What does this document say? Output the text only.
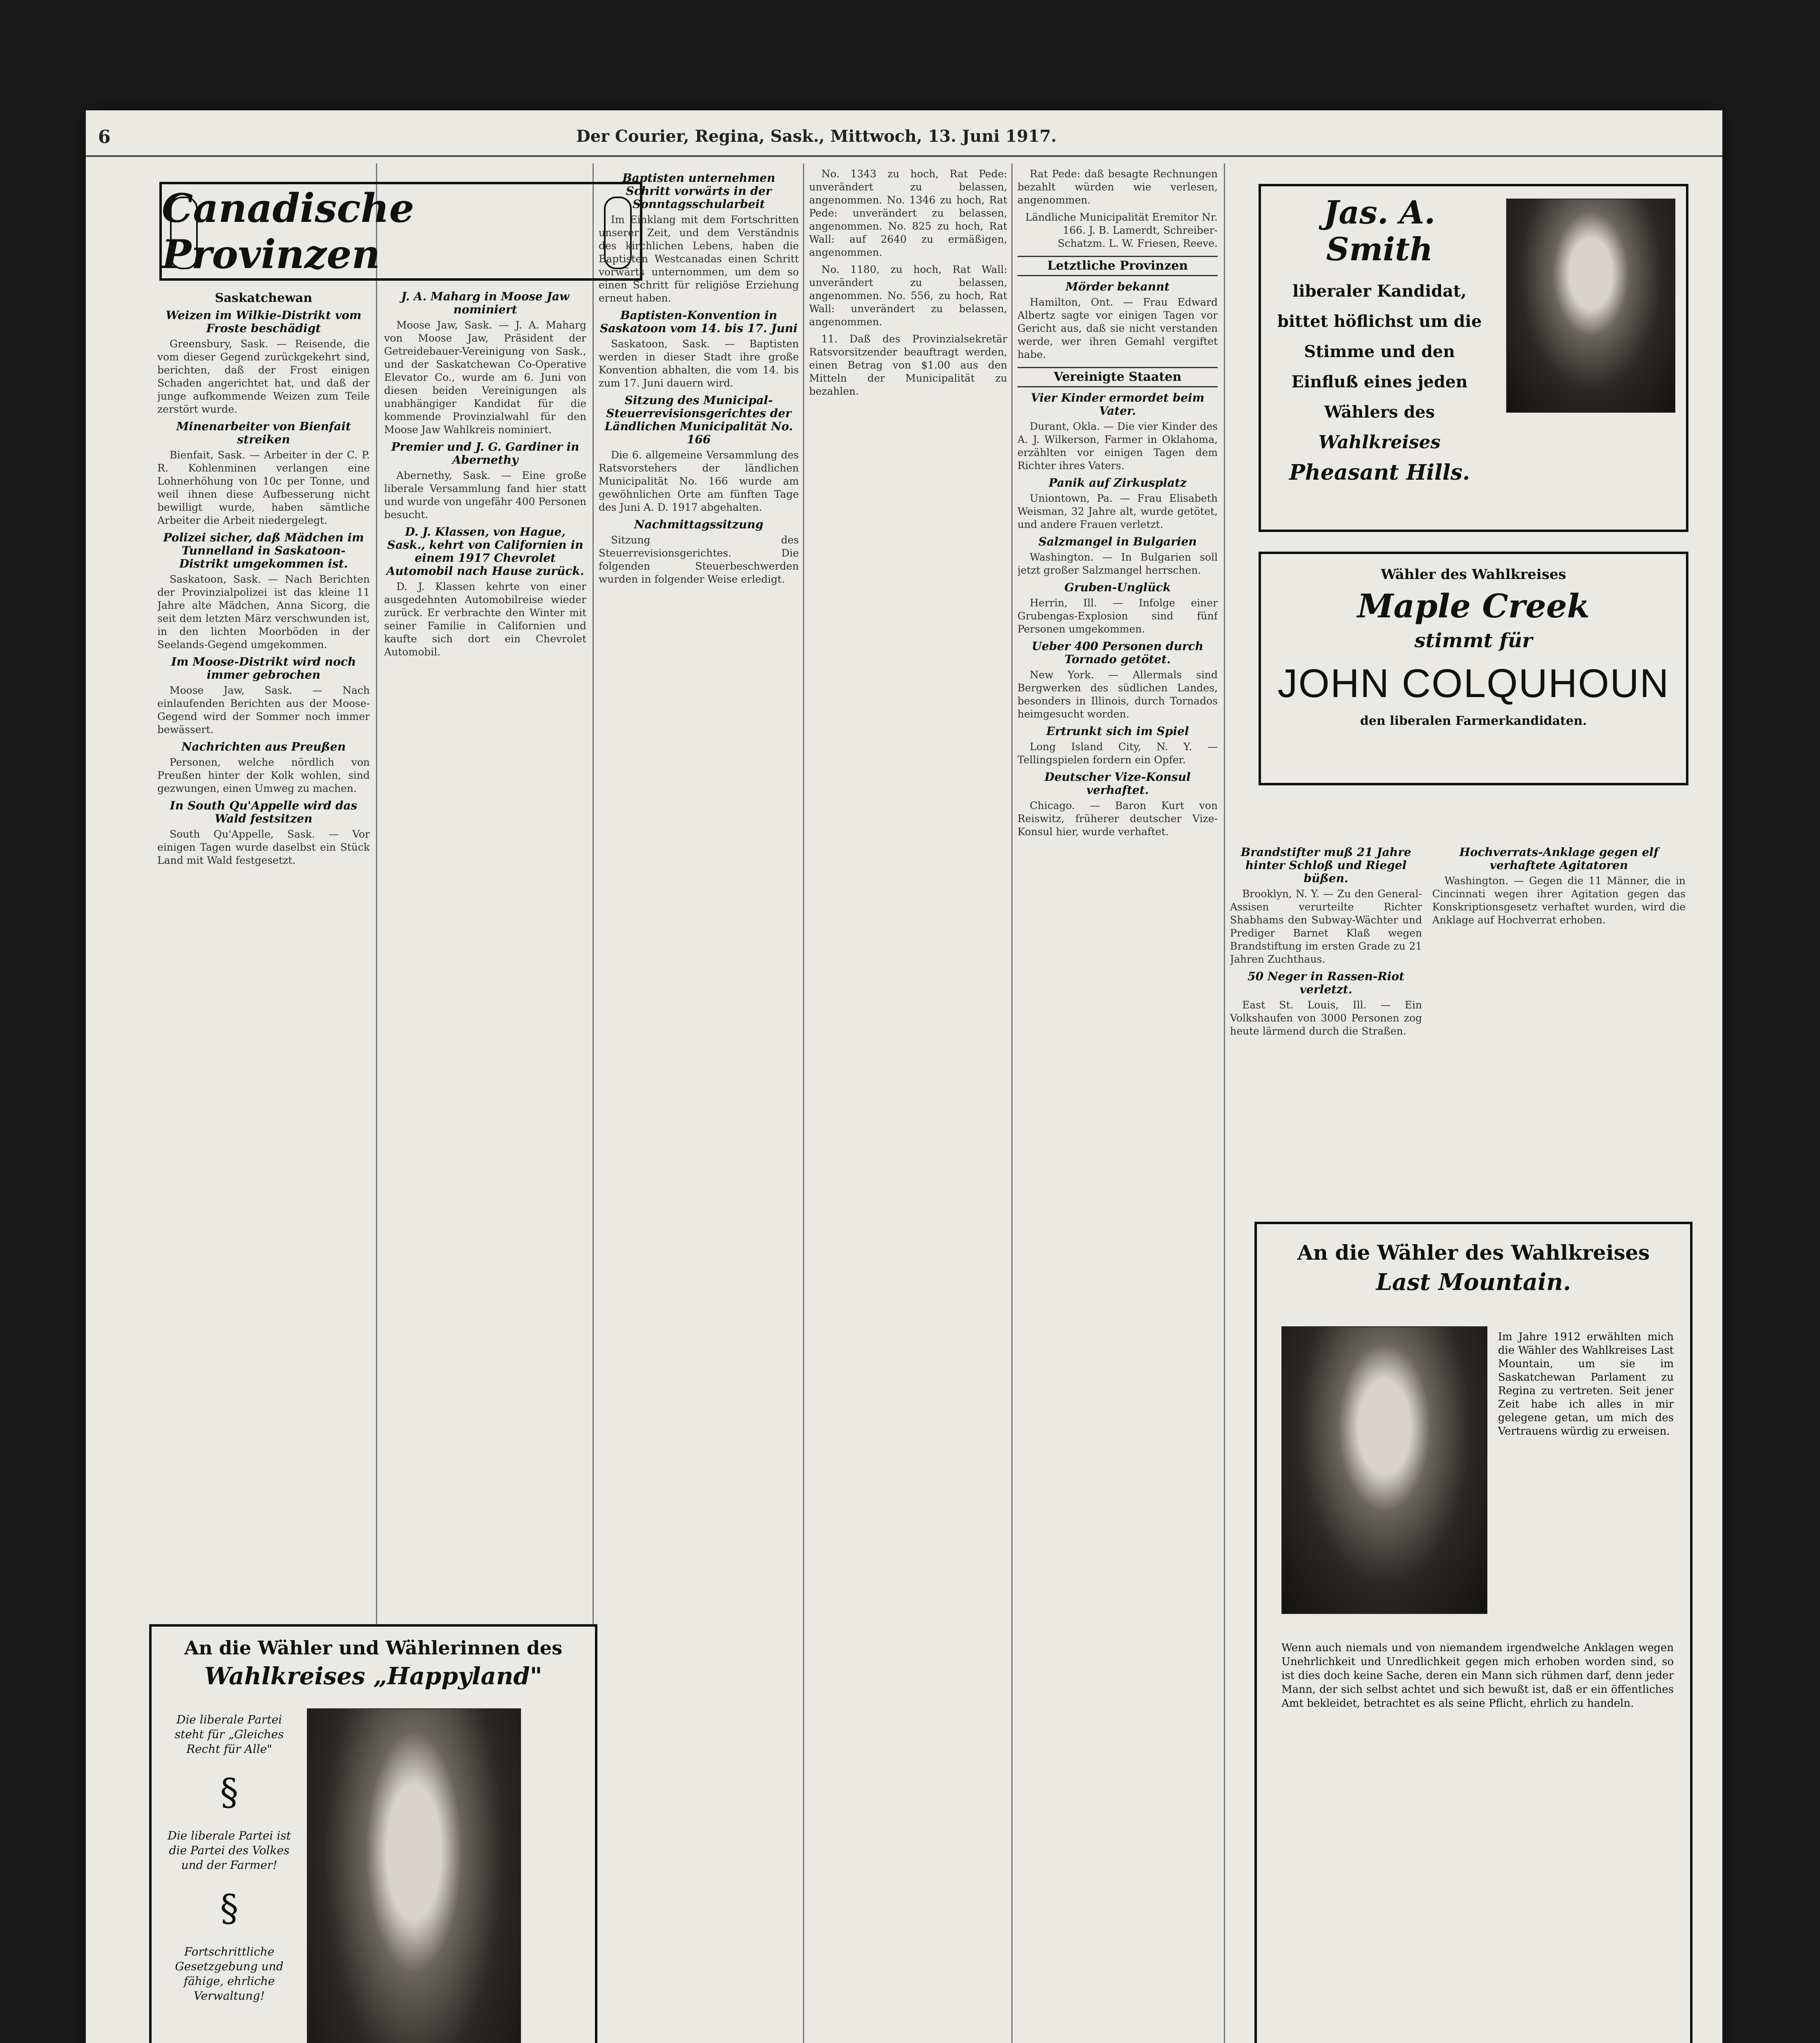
6	Der Courier, Regina, Sask., Mittwoch, 13. Juni 1917.
Canadische Provinzen
Saskatchewan
Weizen im Wilkie-Distrikt vom Froste beschädigt

Greensbury, Sask. — Reisende, die vom dieser Gegend zurückgekehrt sind, berichten, daß der Frost einigen Schaden angerichtet hat, und daß der junge aufkommende Weizen zum Teile zerstört wurde.

Minenarbeiter von Bienfait streiken

Bienfait, Sask. — Arbeiter in der C. P. R. Kohlenminen verlangen eine Lohnerhöhung von 10c per Tonne, und weil ihnen diese Aufbesserung nicht bewilligt wurde, haben sämtliche Arbeiter die Arbeit niedergelegt.

Polizei sicher, daß Mädchen im Tunnelland in Saskatoon-Distrikt umgekommen ist.

Saskatoon, Sask. — Nach Berichten der Provinzialpolizei ist das kleine 11 Jahre alte Mädchen, Anna Sicorg, die seit dem letzten März verschwunden ist, in den lichten Moorböden in der Seelands-Gegend umgekommen.

Im Moose-Distrikt wird noch immer gebrochen

Moose Jaw, Sask. — Nach einlaufenden Berichten aus der Moose-Gegend wird der Sommer noch immer bewässert.

Nachrichten aus Preußen

Personen, welche nördlich von Preußen hinter der Kolk wohlen, sind gezwungen, einen Umweg zu machen.

In South Qu'Appelle wird das Wald festsitzen

South Qu'Appelle, Sask. — Vor einigen Tagen wurde daselbst ein Stück Land mit Wald festgesetzt.

J. A. Maharg in Moose Jaw nominiert

Moose Jaw, Sask. — J. A. Maharg von Moose Jaw, Präsident der Getreidebauer-Vereinigung von Sask., und der Saskatchewan Co-Operative Elevator Co., wurde am 6. Juni von diesen beiden Vereinigungen als unabhängiger Kandidat für die kommende Provinzialwahl für den Moose Jaw Wahlkreis nominiert.

Premier und J. G. Gardiner in Abernethy

Abernethy, Sask. — Eine große liberale Versammlung fand hier statt und wurde von ungefähr 400 Personen besucht.

D. J. Klassen, von Hague, Sask., kehrt von Californien in einem 1917 Chevrolet Automobil nach Hause zurück.

D. J. Klassen kehrte von einer ausgedehnten Automobilreise wieder zurück. Er verbrachte den Winter mit seiner Familie in Californien und kaufte sich dort ein Chevrolet Automobil.

An die Wähler und Wählerinnen des
Wahlkreises „Happyland"
Die liberale Partei steht für „Gleiches Recht für Alle"
§
Die liberale Partei ist die Partei des Volkes und der Farmer!
§
Fortschrittliche Gesetzgebung und fähige, ehrliche Verwaltung!
Baptisten unternehmen Schritt vorwärts in der Sonntagsschularbeit

Im Einklang mit dem Fortschritten unserer Zeit, und dem Verständnis des kirchlichen Lebens, haben die Baptisten Westcanadas einen Schritt vorwärts unternommen, um dem so einen Schritt für religiöse Erziehung erneut haben.

Baptisten-Konvention in Saskatoon vom 14. bis 17. Juni

Saskatoon, Sask. — Baptisten werden in dieser Stadt ihre große Konvention abhalten, die vom 14. bis zum 17. Juni dauern wird.

Sitzung des Municipal-Steuerrevisionsgerichtes der Ländlichen Municipalität No. 166

Die 6. allgemeine Versammlung des Ratsvorstehers der ländlichen Municipalität No. 166 wurde am gewöhnlichen Orte am fünften Tage des Juni A. D. 1917 abgehalten.

Nachmittagssitzung

Sitzung des Steuerrevisionsgerichtes. Die folgenden Steuerbeschwerden wurden in folgender Weise erledigt.

No. 1343 zu hoch, Rat Pede: unverändert zu belassen, angenommen. No. 1346 zu hoch, Rat Pede: unverändert zu belassen, angenommen. No. 825 zu hoch, Rat Wall: auf 2640 zu ermäßigen, angenommen.

No. 1180, zu hoch, Rat Wall: unverändert zu belassen, angenommen. No. 556, zu hoch, Rat Wall: unverändert zu belassen, angenommen.

11. Daß des Provinzialsekretär Ratsvorsitzender beauftragt werden, einen Betrag von $1.00 aus den Mitteln der Municipalität zu bezahlen.

Rat Pede: daß besagte Rechnungen bezahlt würden wie verlesen, angenommen.

Ländliche Municipalität Eremitor Nr. 166. J. B. Lamerdt, Schreiber-Schatzm. L. W. Friesen, Reeve.

Letztliche Provinzen
Mörder bekannt

Hamilton, Ont. — Frau Edward Albertz sagte vor einigen Tagen vor Gericht aus, daß sie nicht verstanden werde, wer ihren Gemahl vergiftet habe.

Vereinigte Staaten
Vier Kinder ermordet beim Vater.

Durant, Okla. — Die vier Kinder des A. J. Wilkerson, Farmer in Oklahoma, erzählten vor einigen Tagen dem Richter ihres Vaters.

Panik auf Zirkusplatz

Uniontown, Pa. — Frau Elisabeth Weisman, 32 Jahre alt, wurde getötet, und andere Frauen verletzt.

Salzmangel in Bulgarien

Washington. — In Bulgarien soll jetzt großer Salzmangel herrschen.

Gruben-Unglück

Herrin, Ill. — Infolge einer Grubengas-Explosion sind fünf Personen umgekommen.

Ueber 400 Personen durch Tornado getötet.

New York. — Allermals sind Bergwerken des südlichen Landes, besonders in Illinois, durch Tornados heimgesucht worden.

Ertrunkt sich im Spiel

Long Island City, N. Y. — Tellingspielen fordern ein Opfer.

Deutscher Vize-Konsul verhaftet.

Chicago. — Baron Kurt von Reiswitz, früherer deutscher Vize-Konsul hier, wurde verhaftet.

Jas. A. Smith
liberaler Kandidat,
bittet höflichst um die
Stimme und den
Einfluß eines jeden
Wählers des
Wahlkreises
Pheasant Hills.
Wähler des Wahlkreises
Maple Creek
stimmt für
JOHN COLQUHOUN
den liberalen Farmerkandidaten.
Brandstifter muß 21 Jahre hinter Schloß und Riegel büßen.

Brooklyn, N. Y. — Zu den General-Assisen verurteilte Richter Shabhams den Subway-Wächter und Prediger Barnet Klaß wegen Brandstiftung im ersten Grade zu 21 Jahren Zuchthaus.

50 Neger in Rassen-Riot verletzt.

East St. Louis, Ill. — Ein Volkshaufen von 3000 Personen zog heute lärmend durch die Straßen.

Hochverrats-Anklage gegen elf verhaftete Agitatoren

Washington. — Gegen die 11 Männer, die in Cincinnati wegen ihrer Agitation gegen das Konskriptionsgesetz verhaftet wurden, wird die Anklage auf Hochverrat erhoben.

An die Wähler des Wahlkreises
Last Mountain.
Im Jahre 1912 erwählten mich die Wähler des Wahlkreises Last Mountain, um sie im Saskatchewan Parlament zu Regina zu vertreten. Seit jener Zeit habe ich alles in mir gelegene getan, um mich des Vertrauens würdig zu erweisen.
Wenn auch niemals und von niemandem irgendwelche Anklagen wegen Unehrlichkeit und Unredlichkeit gegen mich erhoben worden sind, so ist dies doch keine Sache, deren ein Mann sich rühmen darf, denn jeder Mann, der sich selbst achtet und sich bewußt ist, daß er ein öffentliches Amt bekleidet, betrachtet es als seine Pflicht, ehrlich zu handeln.
